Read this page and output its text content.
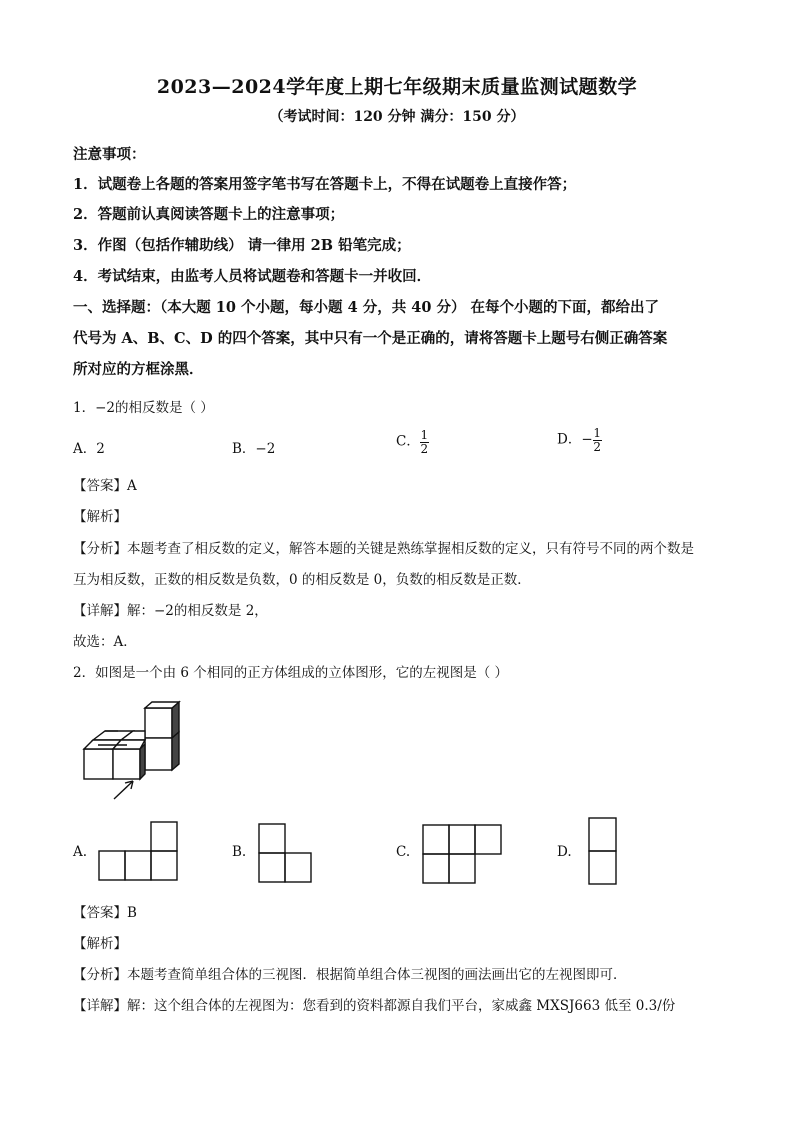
2023—2024学年度上期七年级期末质量监测试题数学
（考试时间：120 分钟 满分：150 分）
注意事项：
1．试题卷上各题的答案用签字笔书写在答题卡上，不得在试题卷上直接作答；
2．答题前认真阅读答题卡上的注意事项；
3．作图（包括作辅助线） 请一律用 2B 铅笔完成；
4．考试结束，由监考人员将试题卷和答题卡一并收回．
一、选择题：（本大题 10 个小题，每小题 4 分，共 40 分） 在每个小题的下面，都给出了
代号为 A、B、C、D 的四个答案，其中只有一个是正确的，请将答题卡上题号右侧正确答案
所对应的方框涂黑．
1．−2的相反数是（ ）
A．2	B．−2	C． $\frac{1}{2}$	D．− $\frac{1}{2}$
【答案】A
【解析】
【分析】本题考查了相反数的定义，解答本题的关键是熟练掌握相反数的定义，只有符号不同的两个数是
互为相反数，正数的相反数是负数，0 的相反数是 0，负数的相反数是正数．
【详解】解：−2的相反数是 2，
故选：A．
2．如图是一个由 6 个相同的正方体组成的立体图形，它的左视图是（ ）
A.	B.	C.	D.
【答案】B
【解析】
【分析】本题考查简单组合体的三视图．根据简单组合体三视图的画法画出它的左视图即可．
【详解】解：这个组合体的左视图为：您看到的资料都源自我们平台，家威鑫 MXSJ663 低至 0.3/份
